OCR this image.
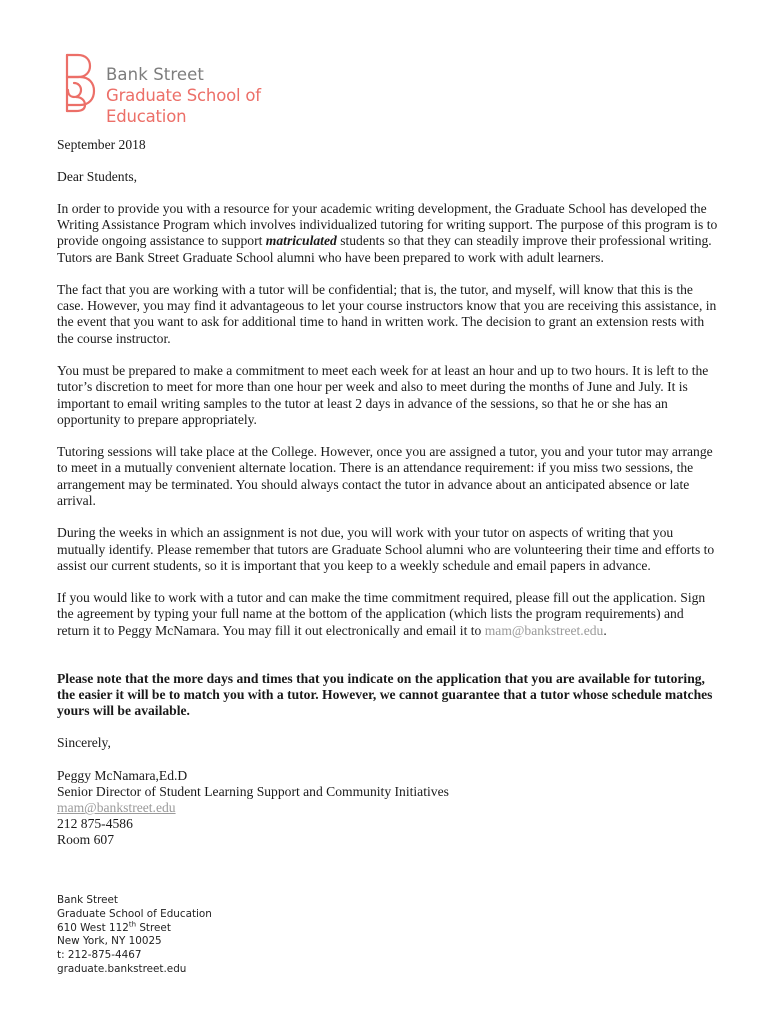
Bank Street
Graduate School of Education

September 2018

Dear Students,

In order to provide you with a resource for your academic writing development, the Graduate School has developed the Writing Assistance Program which involves individualized tutoring for writing support. The purpose of this program is to provide ongoing assistance to support matriculated students so that they can steadily improve their professional writing. Tutors are Bank Street Graduate School alumni who have been prepared to work with adult learners.

The fact that you are working with a tutor will be confidential; that is, the tutor, and myself, will know that this is the case. However, you may find it advantageous to let your course instructors know that you are receiving this assistance, in the event that you want to ask for additional time to hand in written work. The decision to grant an extension rests with the course instructor.

You must be prepared to make a commitment to meet each week for at least an hour and up to two hours. It is left to the tutor’s discretion to meet for more than one hour per week and also to meet during the months of June and July. It is important to email writing samples to the tutor at least 2 days in advance of the sessions, so that he or she has an opportunity to prepare appropriately.

Tutoring sessions will take place at the College. However, once you are assigned a tutor, you and your tutor may arrange to meet in a mutually convenient alternate location. There is an attendance requirement: if you miss two sessions, the arrangement may be terminated. You should always contact the tutor in advance about an anticipated absence or late arrival.

During the weeks in which an assignment is not due, you will work with your tutor on aspects of writing that you mutually identify. Please remember that tutors are Graduate School alumni who are volunteering their time and efforts to assist our current students, so it is important that you keep to a weekly schedule and email papers in advance.

If you would like to work with a tutor and can make the time commitment required, please fill out the application. Sign the agreement by typing your full name at the bottom of the application (which lists the program requirements) and return it to Peggy McNamara. You may fill it out electronically and email it to mam@bankstreet.edu.

Please note that the more days and times that you indicate on the application that you are available for tutoring, the easier it will be to match you with a tutor. However, we cannot guarantee that a tutor whose schedule matches yours will be available.

Sincerely,

Peggy McNamara,Ed.D

Senior Director of Student Learning Support and Community Initiatives

mam@bankstreet.edu

212 875-4586

Room 607

Bank Street
Graduate School of Education
610 West 112th Street
New York, NY 10025
t: 212-875-4467
graduate.bankstreet.edu
